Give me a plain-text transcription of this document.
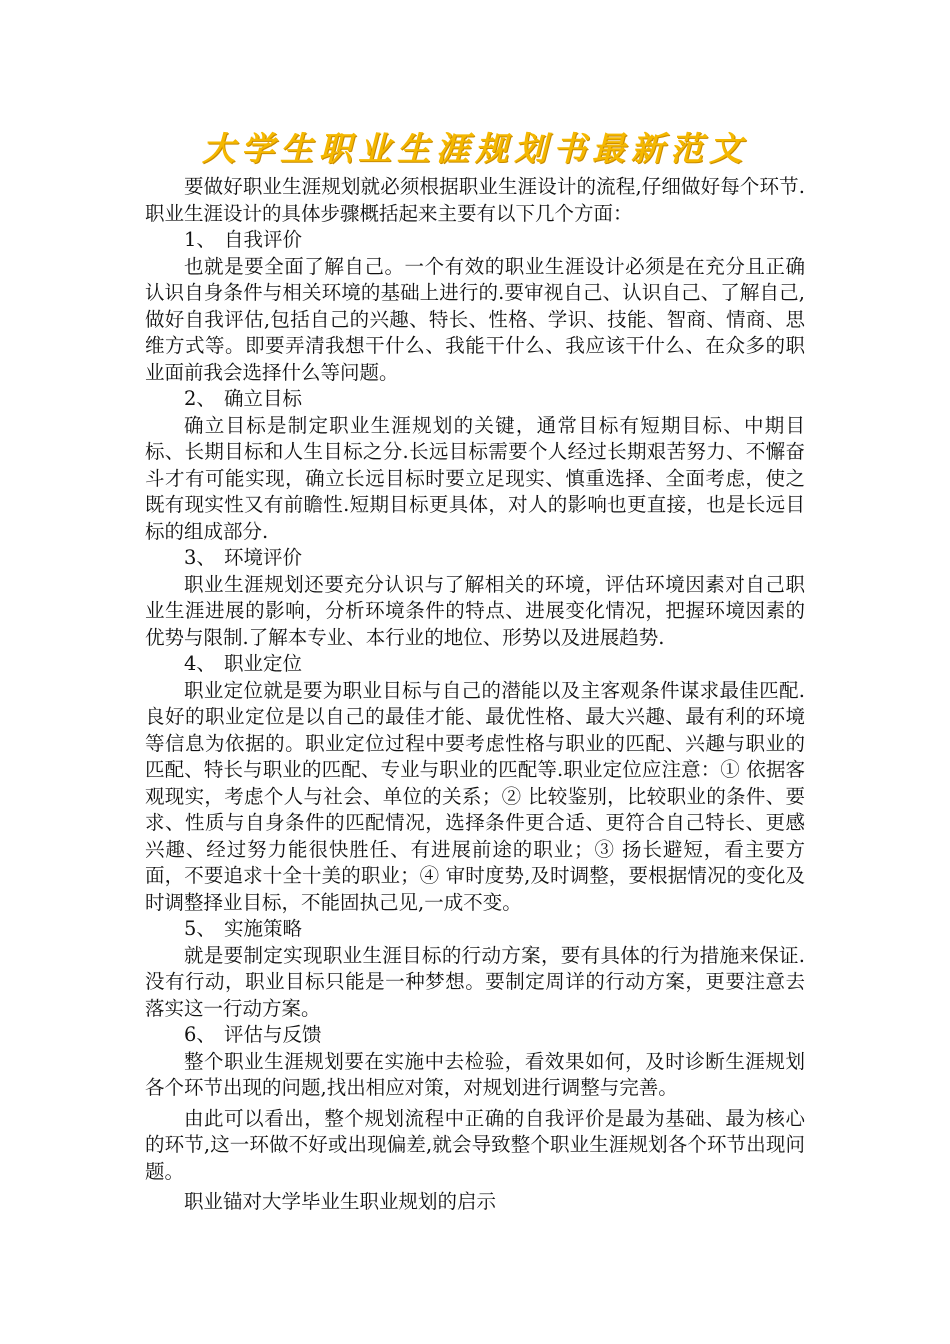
大学生职业生涯规划书最新范文

要做好职业生涯规划就必须根据职业生涯设计的流程,仔细做好每个环节.职业生涯设计的具体步骤概括起来主要有以下几个方面：

1、 自我评价

也就是要全面了解自己。一个有效的职业生涯设计必须是在充分且正确认识自身条件与相关环境的基础上进行的.要审视自己、认识自己、了解自己,做好自我评估,包括自己的兴趣、特长、性格、学识、技能、智商、情商、思维方式等。即要弄清我想干什么、我能干什么、我应该干什么、在众多的职业面前我会选择什么等问题。

2、 确立目标

确立目标是制定职业生涯规划的关键，通常目标有短期目标、中期目标、长期目标和人生目标之分.长远目标需要个人经过长期艰苦努力、不懈奋斗才有可能实现，确立长远目标时要立足现实、慎重选择、全面考虑，使之既有现实性又有前瞻性.短期目标更具体，对人的影响也更直接，也是长远目标的组成部分.

3、 环境评价

职业生涯规划还要充分认识与了解相关的环境，评估环境因素对自己职业生涯进展的影响，分析环境条件的特点、进展变化情况，把握环境因素的优势与限制.了解本专业、本行业的地位、形势以及进展趋势.

4、 职业定位

职业定位就是要为职业目标与自己的潜能以及主客观条件谋求最佳匹配.良好的职业定位是以自己的最佳才能、最优性格、最大兴趣、最有利的环境等信息为依据的。职业定位过程中要考虑性格与职业的匹配、兴趣与职业的匹配、特长与职业的匹配、专业与职业的匹配等.职业定位应注意：① 依据客观现实，考虑个人与社会、单位的关系；② 比较鉴别，比较职业的条件、要求、性质与自身条件的匹配情况，选择条件更合适、更符合自己特长、更感兴趣、经过努力能很快胜任、有进展前途的职业；③ 扬长避短，看主要方面，不要追求十全十美的职业；④ 审时度势,及时调整，要根据情况的变化及时调整择业目标，不能固执己见,一成不变。

5、 实施策略

就是要制定实现职业生涯目标的行动方案，要有具体的行为措施来保证.没有行动，职业目标只能是一种梦想。要制定周详的行动方案，更要注意去落实这一行动方案。

6、 评估与反馈

整个职业生涯规划要在实施中去检验，看效果如何，及时诊断生涯规划各个环节出现的问题,找出相应对策，对规划进行调整与完善。

由此可以看出，整个规划流程中正确的自我评价是最为基础、最为核心的环节,这一环做不好或出现偏差,就会导致整个职业生涯规划各个环节出现问题。

职业锚对大学毕业生职业规划的启示
